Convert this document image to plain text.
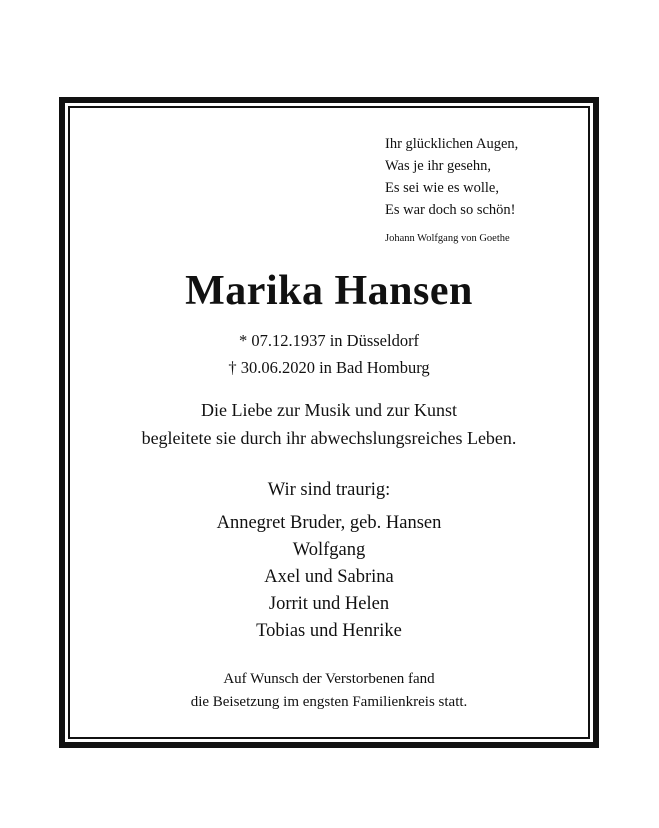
Ihr glücklichen Augen,
Was je ihr gesehn,
Es sei wie es wolle,
Es war doch so schön!
Johann Wolfgang von Goethe
Marika Hansen
* 07.12.1937 in Düsseldorf
† 30.06.2020 in Bad Homburg
Die Liebe zur Musik und zur Kunst
begleitete sie durch ihr abwechslungsreiches Leben.
Wir sind traurig:
Annegret Bruder, geb. Hansen
Wolfgang
Axel und Sabrina
Jorrit und Helen
Tobias und Henrike
Auf Wunsch der Verstorbenen fand
die Beisetzung im engsten Familienkreis statt.
